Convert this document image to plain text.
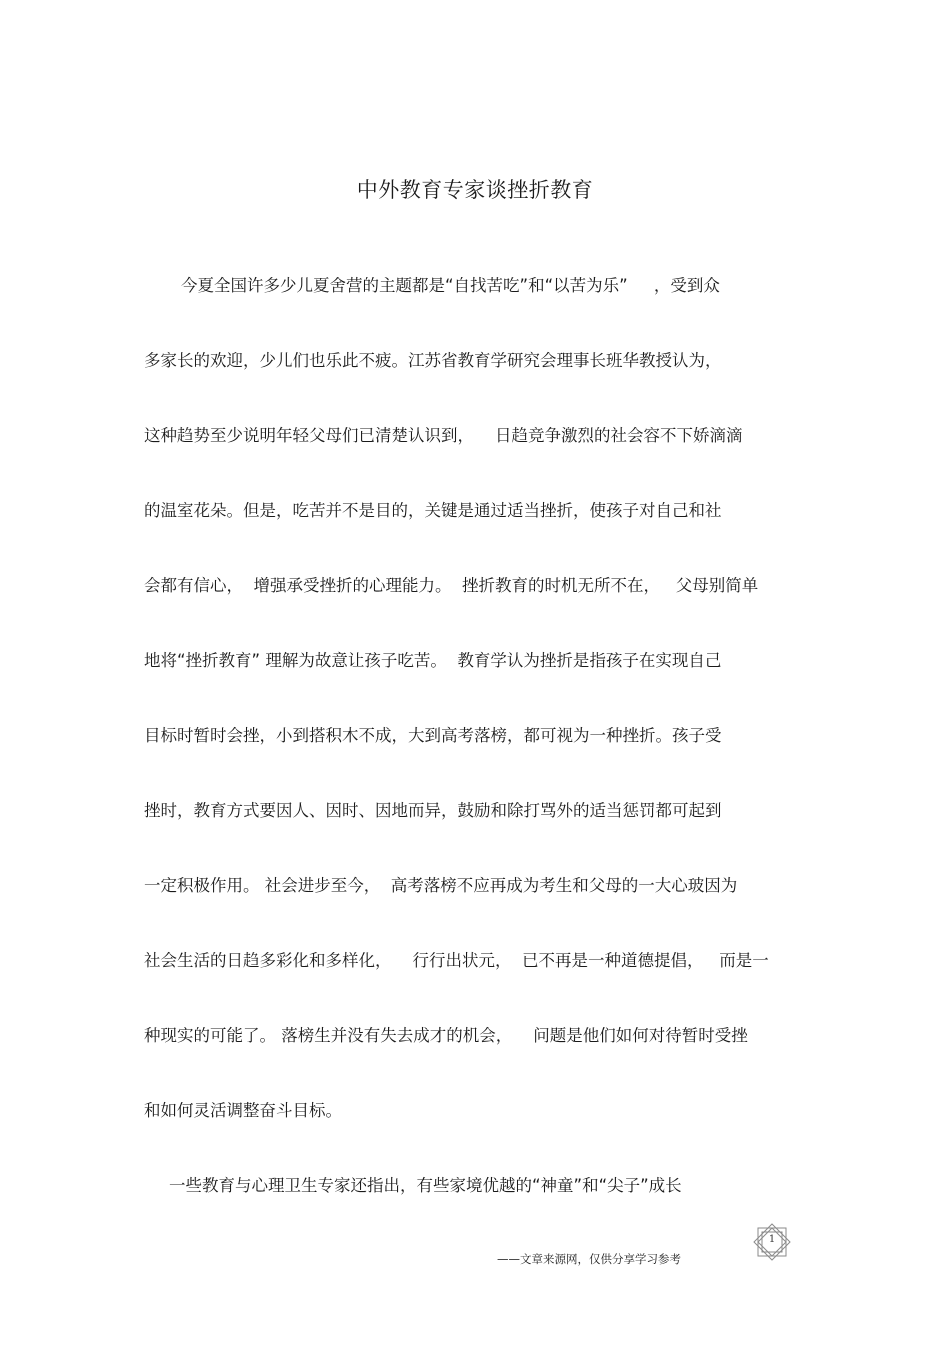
中外教育专家谈挫折教育
今夏全国许多少儿夏舍营的主题都是“自找苦吃”和“以苦为乐”     ，受到众
多家长的欢迎，少儿们也乐此不疲。江苏省教育学研究会理事长班华教授认为，
这种趋势至少说明年轻父母们已清楚认识到，    日趋竞争激烈的社会容不下娇滴滴
的温室花朵。但是，吃苦并不是目的，关键是通过适当挫折，使孩子对自己和社
会都有信心，  增强承受挫折的心理能力。  挫折教育的时机无所不在，   父母别简单
地将“挫折教育” 理解为故意让孩子吃苦。  教育学认为挫折是指孩子在实现自己
目标时暂时会挫，小到搭积木不成，大到高考落榜，都可视为一种挫折。孩子受
挫时，教育方式要因人、因时、因地而异，鼓励和除打骂外的适当惩罚都可起到
一定积极作用。 社会进步至今，  高考落榜不应再成为考生和父母的一大心玻因为
社会生活的日趋多彩化和多样化，    行行出状元，  已不再是一种道德提倡，   而是一
种现实的可能了。 落榜生并没有失去成才的机会，    问题是他们如何对待暂时受挫
和如何灵活调整奋斗目标。
一些教育与心理卫生专家还指出，有些家境优越的“神童”和“尖子”成长
——文章来源网，仅供分享学习参考
1
